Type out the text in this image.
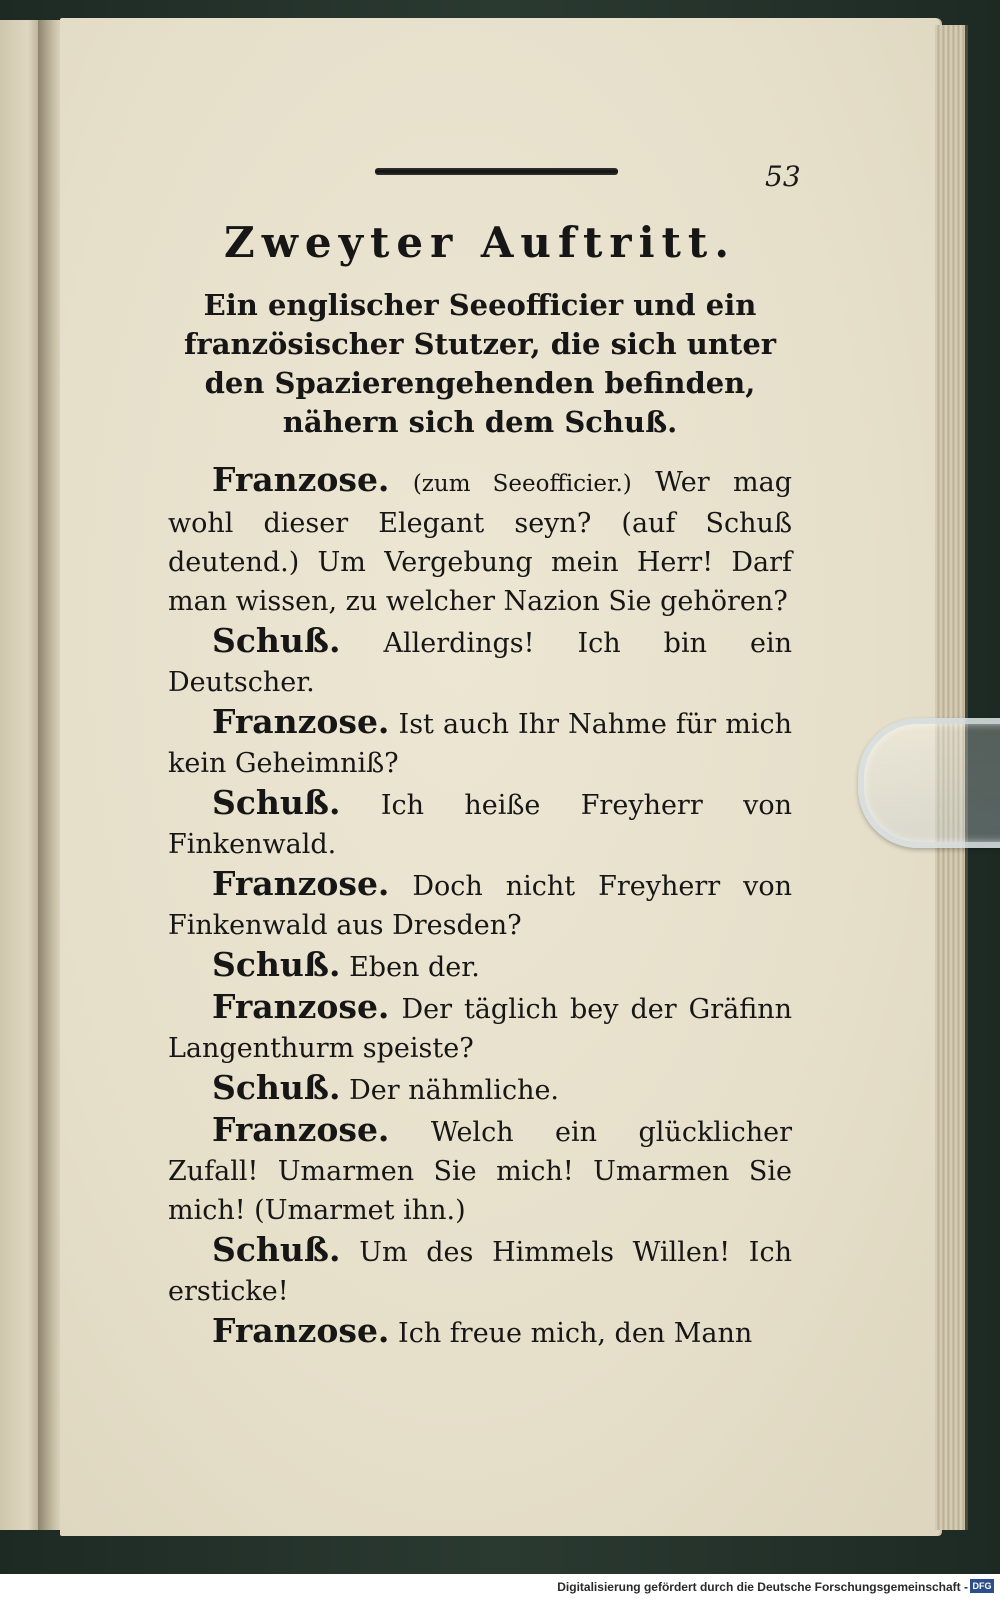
53
Zweyter Auftritt.

Ein englischer Seeofficier und ein französischer Stutzer, die sich unter den Spazierengehenden befinden, nähern sich dem Schuß.

Franzose. (zum Seeofficier.) Wer mag wohl dieser Elegant seyn? (auf Schuß deutend.) Um Vergebung mein Herr! Darf man wissen, zu welcher Nazion Sie gehören?

Schuß. Allerdings! Ich bin ein Deutscher.

Franzose. Ist auch Ihr Nahme für mich kein Geheimniß?

Schuß. Ich heiße Freyherr von Finkenwald.

Franzose. Doch nicht Freyherr von Finkenwald aus Dresden?

Schuß. Eben der.

Franzose. Der täglich bey der Gräfinn Langenthurm speiste?

Schuß. Der nähmliche.

Franzose. Welch ein glücklicher Zufall! Umarmen Sie mich! Umarmen Sie mich! (Umarmet ihn.)

Schuß. Um des Himmels Willen! Ich ersticke!

Franzose. Ich freue mich, den Mann

Digitalisierung gefördert durch die Deutsche Forschungsgemeinschaft - DFG
